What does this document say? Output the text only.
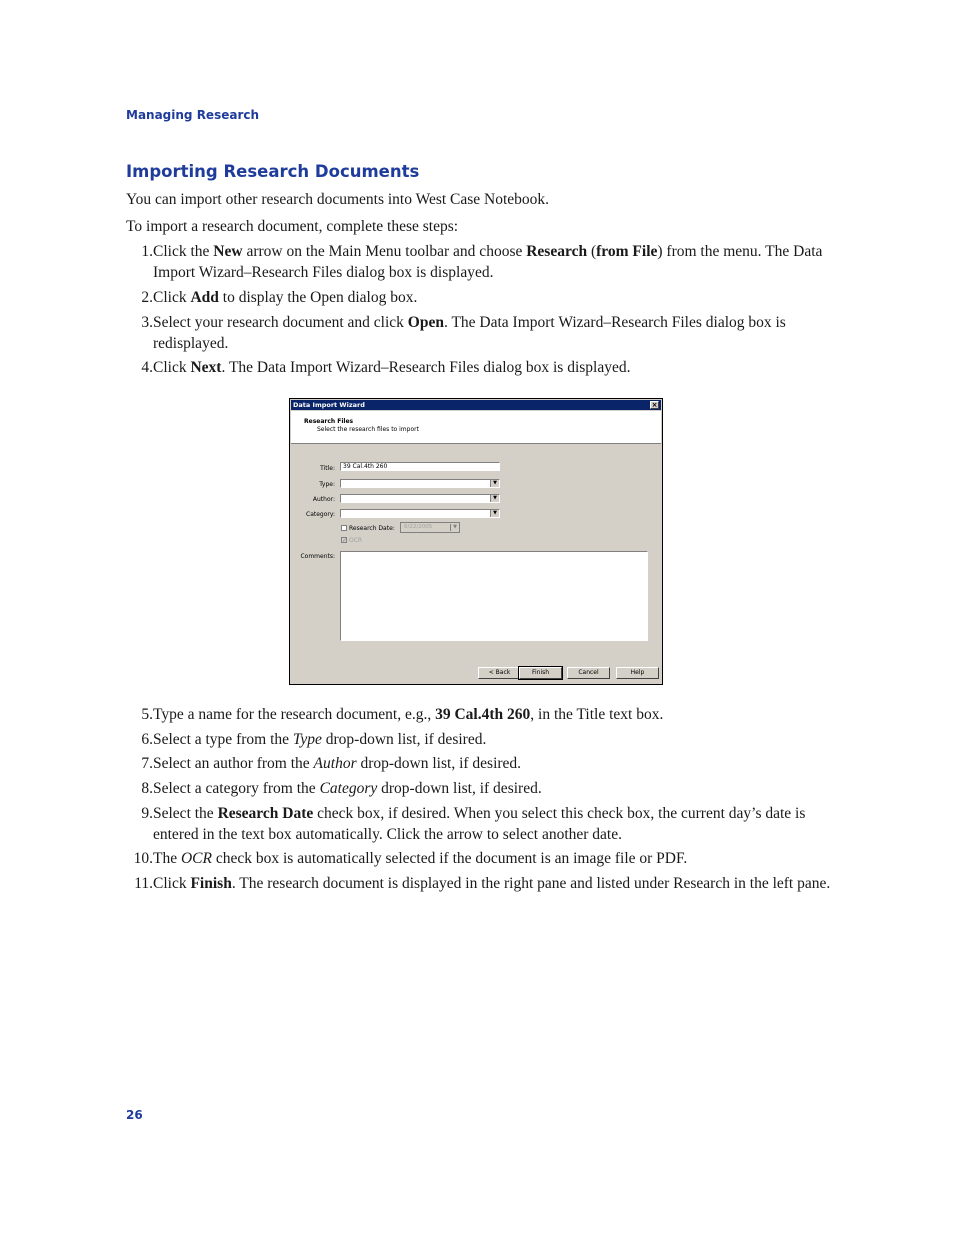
Managing Research
Importing Research Documents

You can import other research documents into West Case Notebook.

To import a research document, complete these steps:

1. Click the New arrow on the Main Menu toolbar and choose Research (from File) from the menu. The Data Import Wizard–Research Files dialog box is displayed.
2. Click Add to display the Open dialog box.
3. Select your research document and click Open. The Data Import Wizard–Research Files dialog box is redisplayed.
4. Click Next. The Data Import Wizard–Research Files dialog box is displayed.
Data Import Wizard	×
Research Files
Select the research files to import
Title:	39 Cal.4th 260
Type:	▼
Author:	▼
Category:	▼
Research Date:	6/22/2005	▼
✓ OCR
Comments:
< Back	Finish	Cancel	Help
5. Type a name for the research document, e.g., 39 Cal.4th 260, in the Title text box.
6. Select a type from the Type drop-down list, if desired.
7. Select an author from the Author drop-down list, if desired.
8. Select a category from the Category drop-down list, if desired.
9. Select the Research Date check box, if desired. When you select this check box, the current day’s date is entered in the text box automatically. Click the arrow to select another date.
10. The OCR check box is automatically selected if the document is an image file or PDF.
11. Click Finish. The research document is displayed in the right pane and listed under Research in the left pane.
26
